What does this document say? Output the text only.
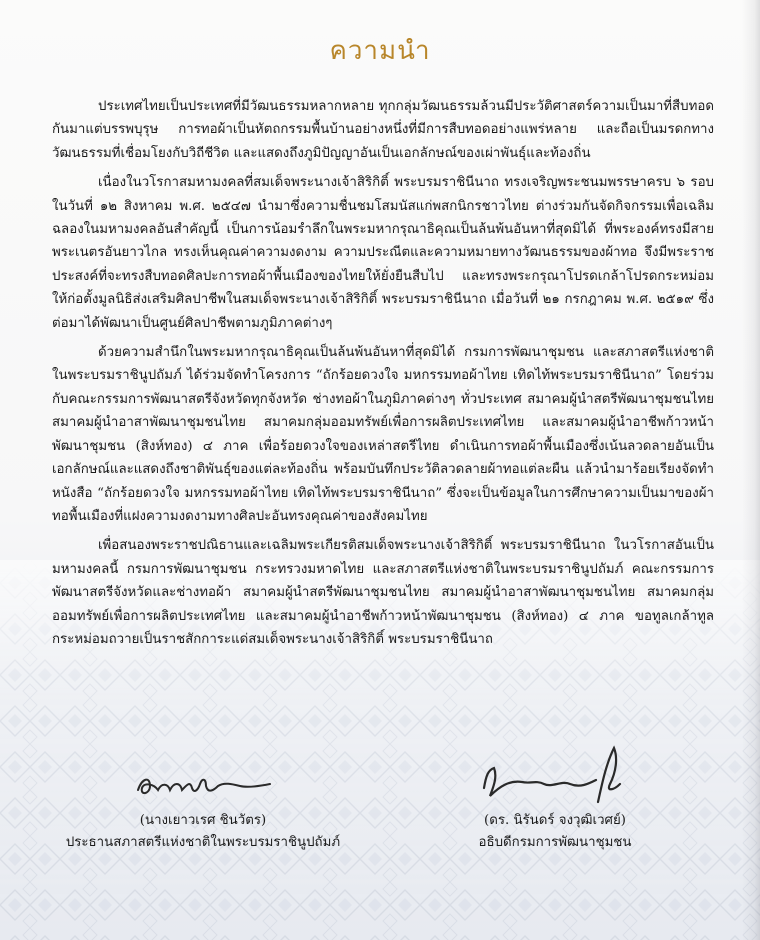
ความนำ

ประเทศไทยเป็นประเทศที่มีวัฒนธรรมหลากหลาย ทุกกลุ่มวัฒนธรรมล้วนมีประวัติศาสตร์ความเป็นมาที่สืบทอดกันมาแต่บรรพบุรุษ การทอผ้าเป็นหัตถกรรมพื้นบ้านอย่างหนึ่งที่มีการสืบทอดอย่างแพร่หลาย และถือเป็นมรดกทางวัฒนธรรมที่เชื่อมโยงกับวิถีชีวิต และแสดงถึงภูมิปัญญาอันเป็นเอกลักษณ์ของเผ่าพันธุ์และท้องถิ่น

เนื่องในวโรกาสมหามงคลที่สมเด็จพระนางเจ้าสิริกิติ์ พระบรมราชินีนาถ ทรงเจริญพระชนมพรรษาครบ ๖ รอบ ในวันที่ ๑๒ สิงหาคม พ.ศ. ๒๕๔๗ นำมาซึ่งความชื่นชมโสมนัสแก่พสกนิกรชาวไทย ต่างร่วมกันจัดกิจกรรมเพื่อเฉลิมฉลองในมหามงคลอันสำคัญนี้ เป็นการน้อมรำลึกในพระมหากรุณาธิคุณเป็นล้นพ้นอันหาที่สุดมิได้ ที่พระองค์ทรงมีสายพระเนตรอันยาวไกล ทรงเห็นคุณค่าความงดงาม ความประณีตและความหมายทางวัฒนธรรมของผ้าทอ จึงมีพระราชประสงค์ที่จะทรงสืบทอดศิลปะการทอผ้าพื้นเมืองของไทยให้ยั่งยืนสืบไป และทรงพระกรุณาโปรดเกล้าโปรดกระหม่อมให้ก่อตั้งมูลนิธิส่งเสริมศิลปาชีพในสมเด็จพระนางเจ้าสิริกิติ์ พระบรมราชินีนาถ เมื่อวันที่ ๒๑ กรกฎาคม พ.ศ. ๒๕๑๙ ซึ่งต่อมาได้พัฒนาเป็นศูนย์ศิลปาชีพตามภูมิภาคต่างๆ

ด้วยความสำนึกในพระมหากรุณาธิคุณเป็นล้นพ้นอันหาที่สุดมิได้ กรมการพัฒนาชุมชน และสภาสตรีแห่งชาติในพระบรมราชินูปถัมภ์ ได้ร่วมจัดทำโครงการ “ถักร้อยดวงใจ มหกรรมทอผ้าไทย เทิดไท้พระบรมราชินีนาถ” โดยร่วมกับคณะกรรมการพัฒนาสตรีจังหวัดทุกจังหวัด ช่างทอผ้าในภูมิภาคต่างๆ ทั่วประเทศ สมาคมผู้นำสตรีพัฒนาชุมชนไทย สมาคมผู้นำอาสาพัฒนาชุมชนไทย สมาคมกลุ่มออมทรัพย์เพื่อการผลิตประเทศไทย และสมาคมผู้นำอาชีพก้าวหน้าพัฒนาชุมชน (สิงห์ทอง) ๔ ภาค เพื่อร้อยดวงใจของเหล่าสตรีไทย ดำเนินการทอผ้าพื้นเมืองซึ่งเน้นลวดลายอันเป็นเอกลักษณ์และแสดงถึงชาติพันธุ์ของแต่ละท้องถิ่น พร้อมบันทึกประวัติลวดลายผ้าทอแต่ละผืน แล้วนำมาร้อยเรียงจัดทำหนังสือ “ถักร้อยดวงใจ มหกรรมทอผ้าไทย เทิดไท้พระบรมราชินีนาถ” ซึ่งจะเป็นข้อมูลในการศึกษาความเป็นมาของผ้าทอพื้นเมืองที่แฝงความงดงามทางศิลปะอันทรงคุณค่าของสังคมไทย

เพื่อสนองพระราชปณิธานและเฉลิมพระเกียรติสมเด็จพระนางเจ้าสิริกิติ์ พระบรมราชินีนาถ ในวโรกาสอันเป็นมหามงคลนี้ กรมการพัฒนาชุมชน กระทรวงมหาดไทย และสภาสตรีแห่งชาติในพระบรมราชินูปถัมภ์ คณะกรรมการพัฒนาสตรีจังหวัดและช่างทอผ้า สมาคมผู้นำสตรีพัฒนาชุมชนไทย สมาคมผู้นำอาสาพัฒนาชุมชนไทย สมาคมกลุ่มออมทรัพย์เพื่อการผลิตประเทศไทย และสมาคมผู้นำอาชีพก้าวหน้าพัฒนาชุมชน (สิงห์ทอง) ๔ ภาค ขอทูลเกล้าทูลกระหม่อมถวายเป็นราชสักการะแด่สมเด็จพระนางเจ้าสิริกิติ์ พระบรมราชินีนาถ

(นางเยาวเรศ ชินวัตร)
ประธานสภาสตรีแห่งชาติในพระบรมราชินูปถัมภ์
(ดร. นิรันดร์ จงวุฒิเวศย์)
อธิบดีกรมการพัฒนาชุมชน
